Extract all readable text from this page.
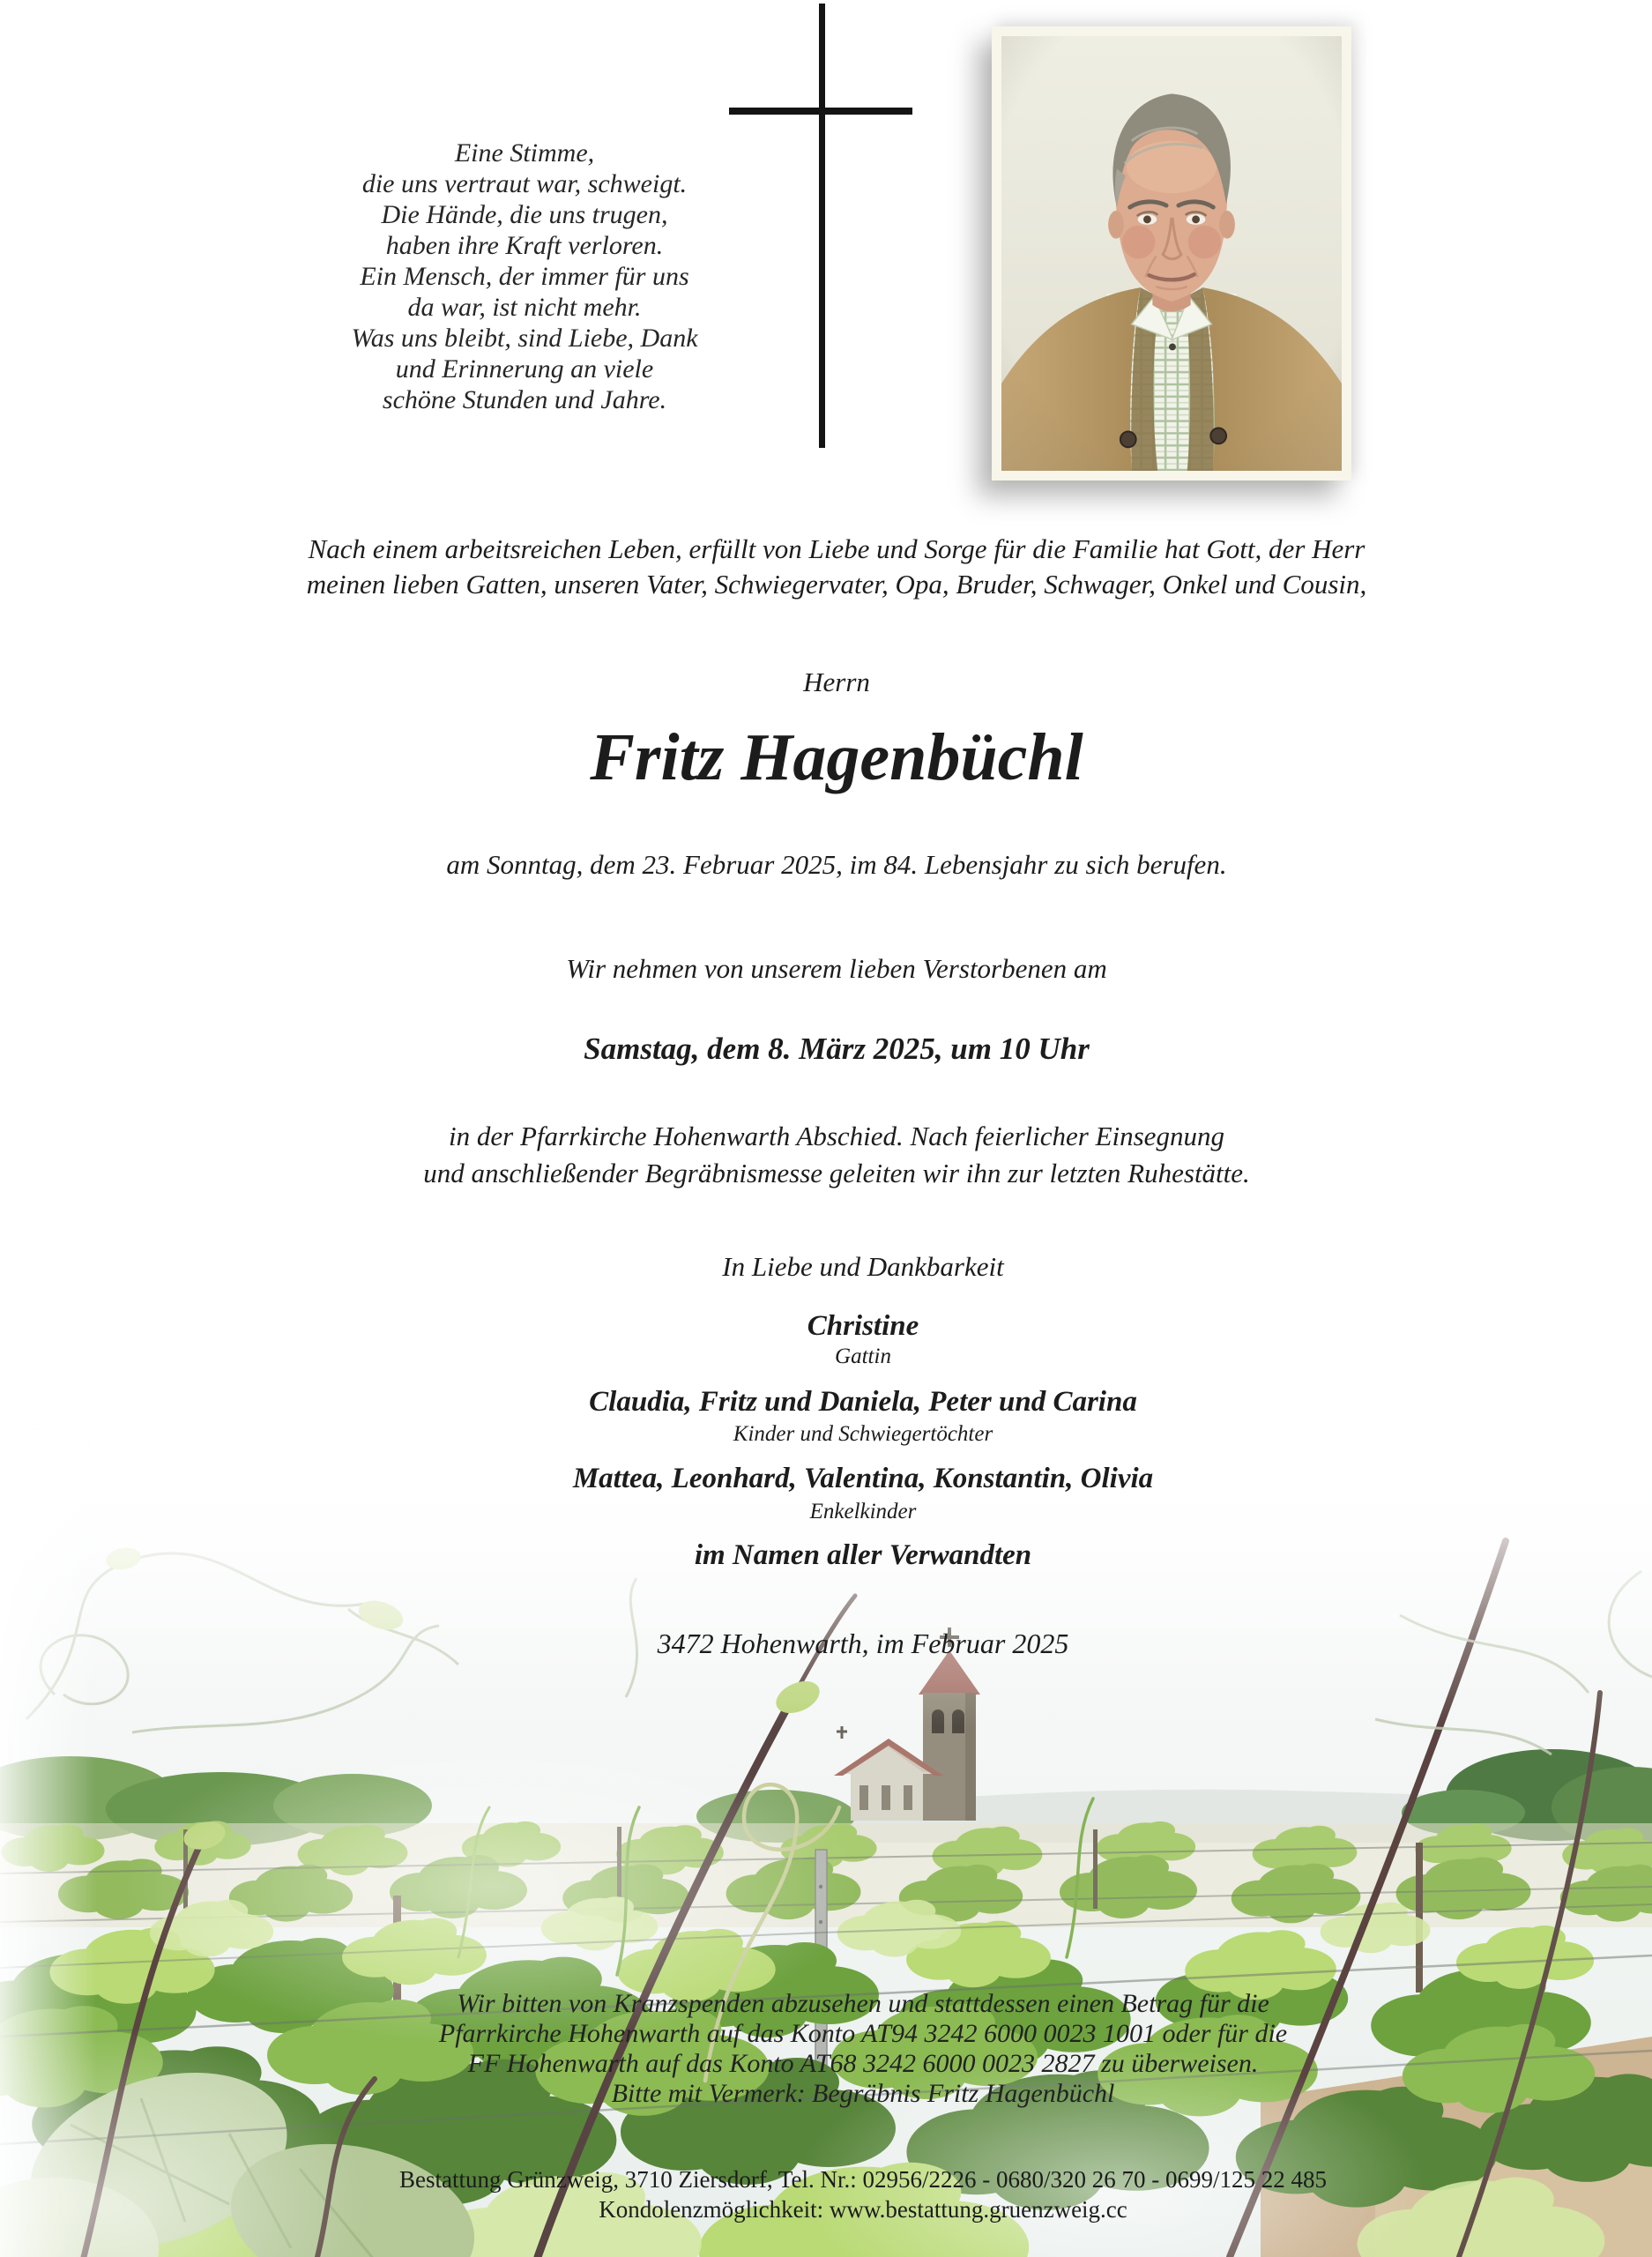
Eine Stimme,
die uns vertraut war, schweigt.
Die Hände, die uns trugen,
haben ihre Kraft verloren.
Ein Mensch, der immer für uns
da war, ist nicht mehr.
Was uns bleibt, sind Liebe, Dank
und Erinnerung an viele
schöne Stunden und Jahre.
Nach einem arbeitsreichen Leben, erfüllt von Liebe und Sorge für die Familie hat Gott, der Herr
meinen lieben Gatten, unseren Vater, Schwiegervater, Opa, Bruder, Schwager, Onkel und Cousin,
Herrn
Fritz Hagenbüchl
am Sonntag, dem 23. Februar 2025, im 84. Lebensjahr zu sich berufen.
Wir nehmen von unserem lieben Verstorbenen am
Samstag, dem 8. März 2025, um 10 Uhr
in der Pfarrkirche Hohenwarth Abschied. Nach feierlicher Einsegnung
und anschließender Begräbnismesse geleiten wir ihn zur letzten Ruhestätte.
In Liebe und Dankbarkeit
Christine
Gattin
Claudia, Fritz und Daniela, Peter und Carina
Kinder und Schwiegertöchter
Mattea, Leonhard, Valentina, Konstantin, Olivia
Enkelkinder
im Namen aller Verwandten
3472 Hohenwarth, im Februar 2025
Wir bitten von Kranzspenden abzusehen und stattdessen einen Betrag für die
Pfarrkirche Hohenwarth auf das Konto AT94 3242 6000 0023 1001 oder für die
FF Hohenwarth auf das Konto AT68 3242 6000 0023 2827 zu überweisen.
Bitte mit Vermerk: Begräbnis Fritz Hagenbüchl
Bestattung Grünzweig, 3710 Ziersdorf, Tel. Nr.: 02956/2226 - 0680/320 26 70 - 0699/125 22 485
Kondolenzmöglichkeit: www.bestattung.gruenzweig.cc
